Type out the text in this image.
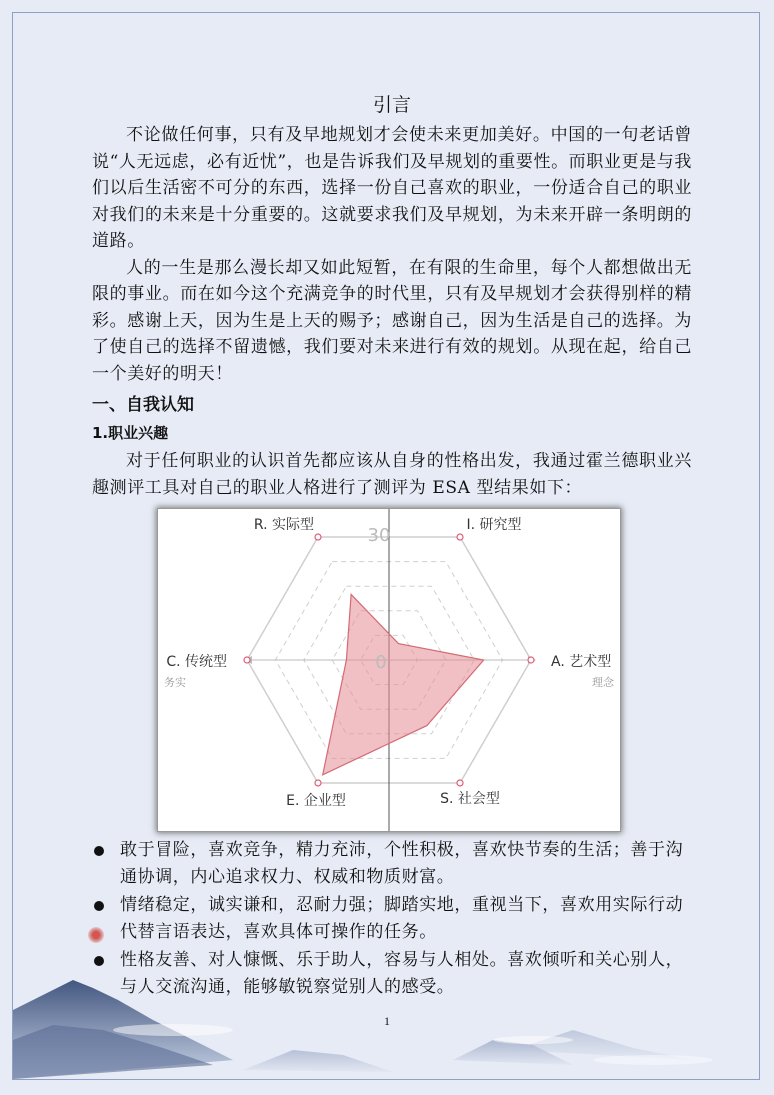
引言

不论做任何事，只有及早地规划才会使未来更加美好。中国的一句老话曾说“人无远虑，必有近忧”，也是告诉我们及早规划的重要性。而职业更是与我们以后生活密不可分的东西，选择一份自己喜欢的职业，一份适合自己的职业对我们的未来是十分重要的。这就要求我们及早规划，为未来开辟一条明朗的道路。

人的一生是那么漫长却又如此短暂，在有限的生命里，每个人都想做出无限的事业。而在如今这个充满竞争的时代里，只有及早规划才会获得别样的精彩。感谢上天，因为生是上天的赐予；感谢自己，因为生活是自己的选择。为了使自己的选择不留遗憾，我们要对未来进行有效的规划。从现在起，给自己一个美好的明天！

一、自我认知
1.职业兴趣

对于任何职业的认识首先都应该从自身的性格出发，我通过霍兰德职业兴趣测评工具对自己的职业人格进行了测评为 ESA 型结果如下：

R. 实际型	I. 研究型
A. 艺术型
S. 社会型
E. 企业型
C. 传统型
30
0
务实	理念
敢于冒险，喜欢竞争，精力充沛，个性积极，喜欢快节奏的生活；善于沟通协调，内心追求权力、权威和物质财富。
情绪稳定，诚实谦和，忍耐力强；脚踏实地，重视当下，喜欢用实际行动代替言语表达，喜欢具体可操作的任务。
性格友善、对人慷慨、乐于助人，容易与人相处。喜欢倾听和关心别人，与人交流沟通，能够敏锐察觉别人的感受。
1
